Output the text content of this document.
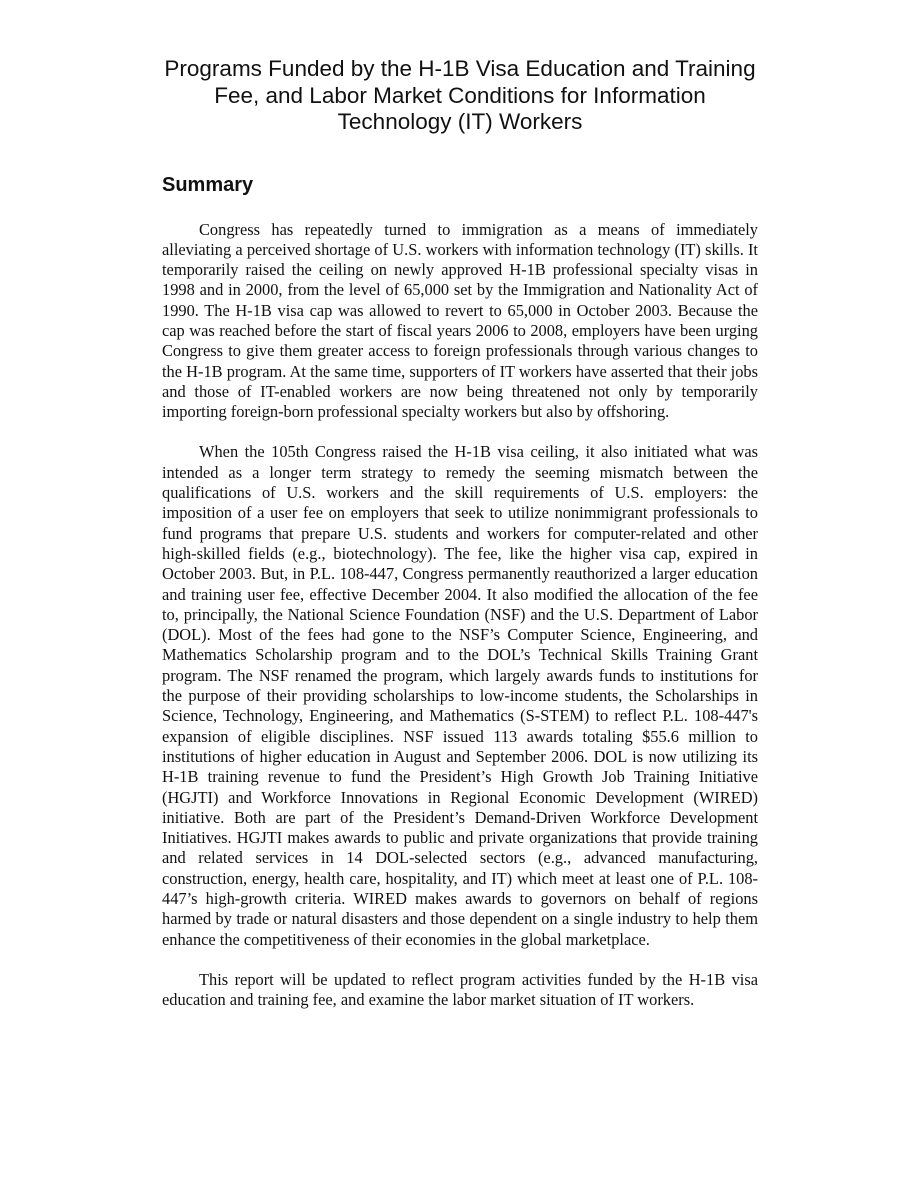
Programs Funded by the H-1B Visa Education and Training Fee, and Labor Market Conditions for Information Technology (IT) Workers
Summary

Congress has repeatedly turned to immigration as a means of immediately alleviating a perceived shortage of U.S. workers with information technology (IT) skills. It temporarily raised the ceiling on newly approved H-1B professional specialty visas in 1998 and in 2000, from the level of 65,000 set by the Immigration and Nationality Act of 1990. The H-1B visa cap was allowed to revert to 65,000 in October 2003. Because the cap was reached before the start of fiscal years 2006 to 2008, employers have been urging Congress to give them greater access to foreign professionals through various changes to the H-1B program. At the same time, supporters of IT workers have asserted that their jobs and those of IT-enabled workers are now being threatened not only by temporarily importing foreign-born professional specialty workers but also by offshoring.

When the 105th Congress raised the H-1B visa ceiling, it also initiated what was intended as a longer term strategy to remedy the seeming mismatch between the qualifications of U.S. workers and the skill requirements of U.S. employers: the imposition of a user fee on employers that seek to utilize nonimmigrant professionals to fund programs that prepare U.S. students and workers for computer-related and other high-skilled fields (e.g., biotechnology). The fee, like the higher visa cap, expired in October 2003. But, in P.L. 108-447, Congress permanently reauthorized a larger education and training user fee, effective December 2004. It also modified the allocation of the fee to, principally, the National Science Foundation (NSF) and the U.S. Department of Labor (DOL). Most of the fees had gone to the NSF’s Computer Science, Engineering, and Mathematics Scholarship program and to the DOL’s Technical Skills Training Grant program. The NSF renamed the program, which largely awards funds to institutions for the purpose of their providing scholarships to low-income students, the Scholarships in Science, Technology, Engineering, and Mathematics (S-STEM) to reflect P.L. 108-447's expansion of eligible disciplines. NSF issued 113 awards totaling $55.6 million to institutions of higher education in August and September 2006. DOL is now utilizing its H-1B training revenue to fund the President’s High Growth Job Training Initiative (HGJTI) and Workforce Innovations in Regional Economic Development (WIRED) initiative. Both are part of the President’s Demand-Driven Workforce Development Initiatives. HGJTI makes awards to public and private organizations that provide training and related services in 14 DOL-selected sectors (e.g., advanced manufacturing, construction, energy, health care, hospitality, and IT) which meet at least one of P.L. 108-447’s high-growth criteria. WIRED makes awards to governors on behalf of regions harmed by trade or natural disasters and those dependent on a single industry to help them enhance the competitiveness of their economies in the global marketplace.

This report will be updated to reflect program activities funded by the H-1B visa education and training fee, and examine the labor market situation of IT workers.
